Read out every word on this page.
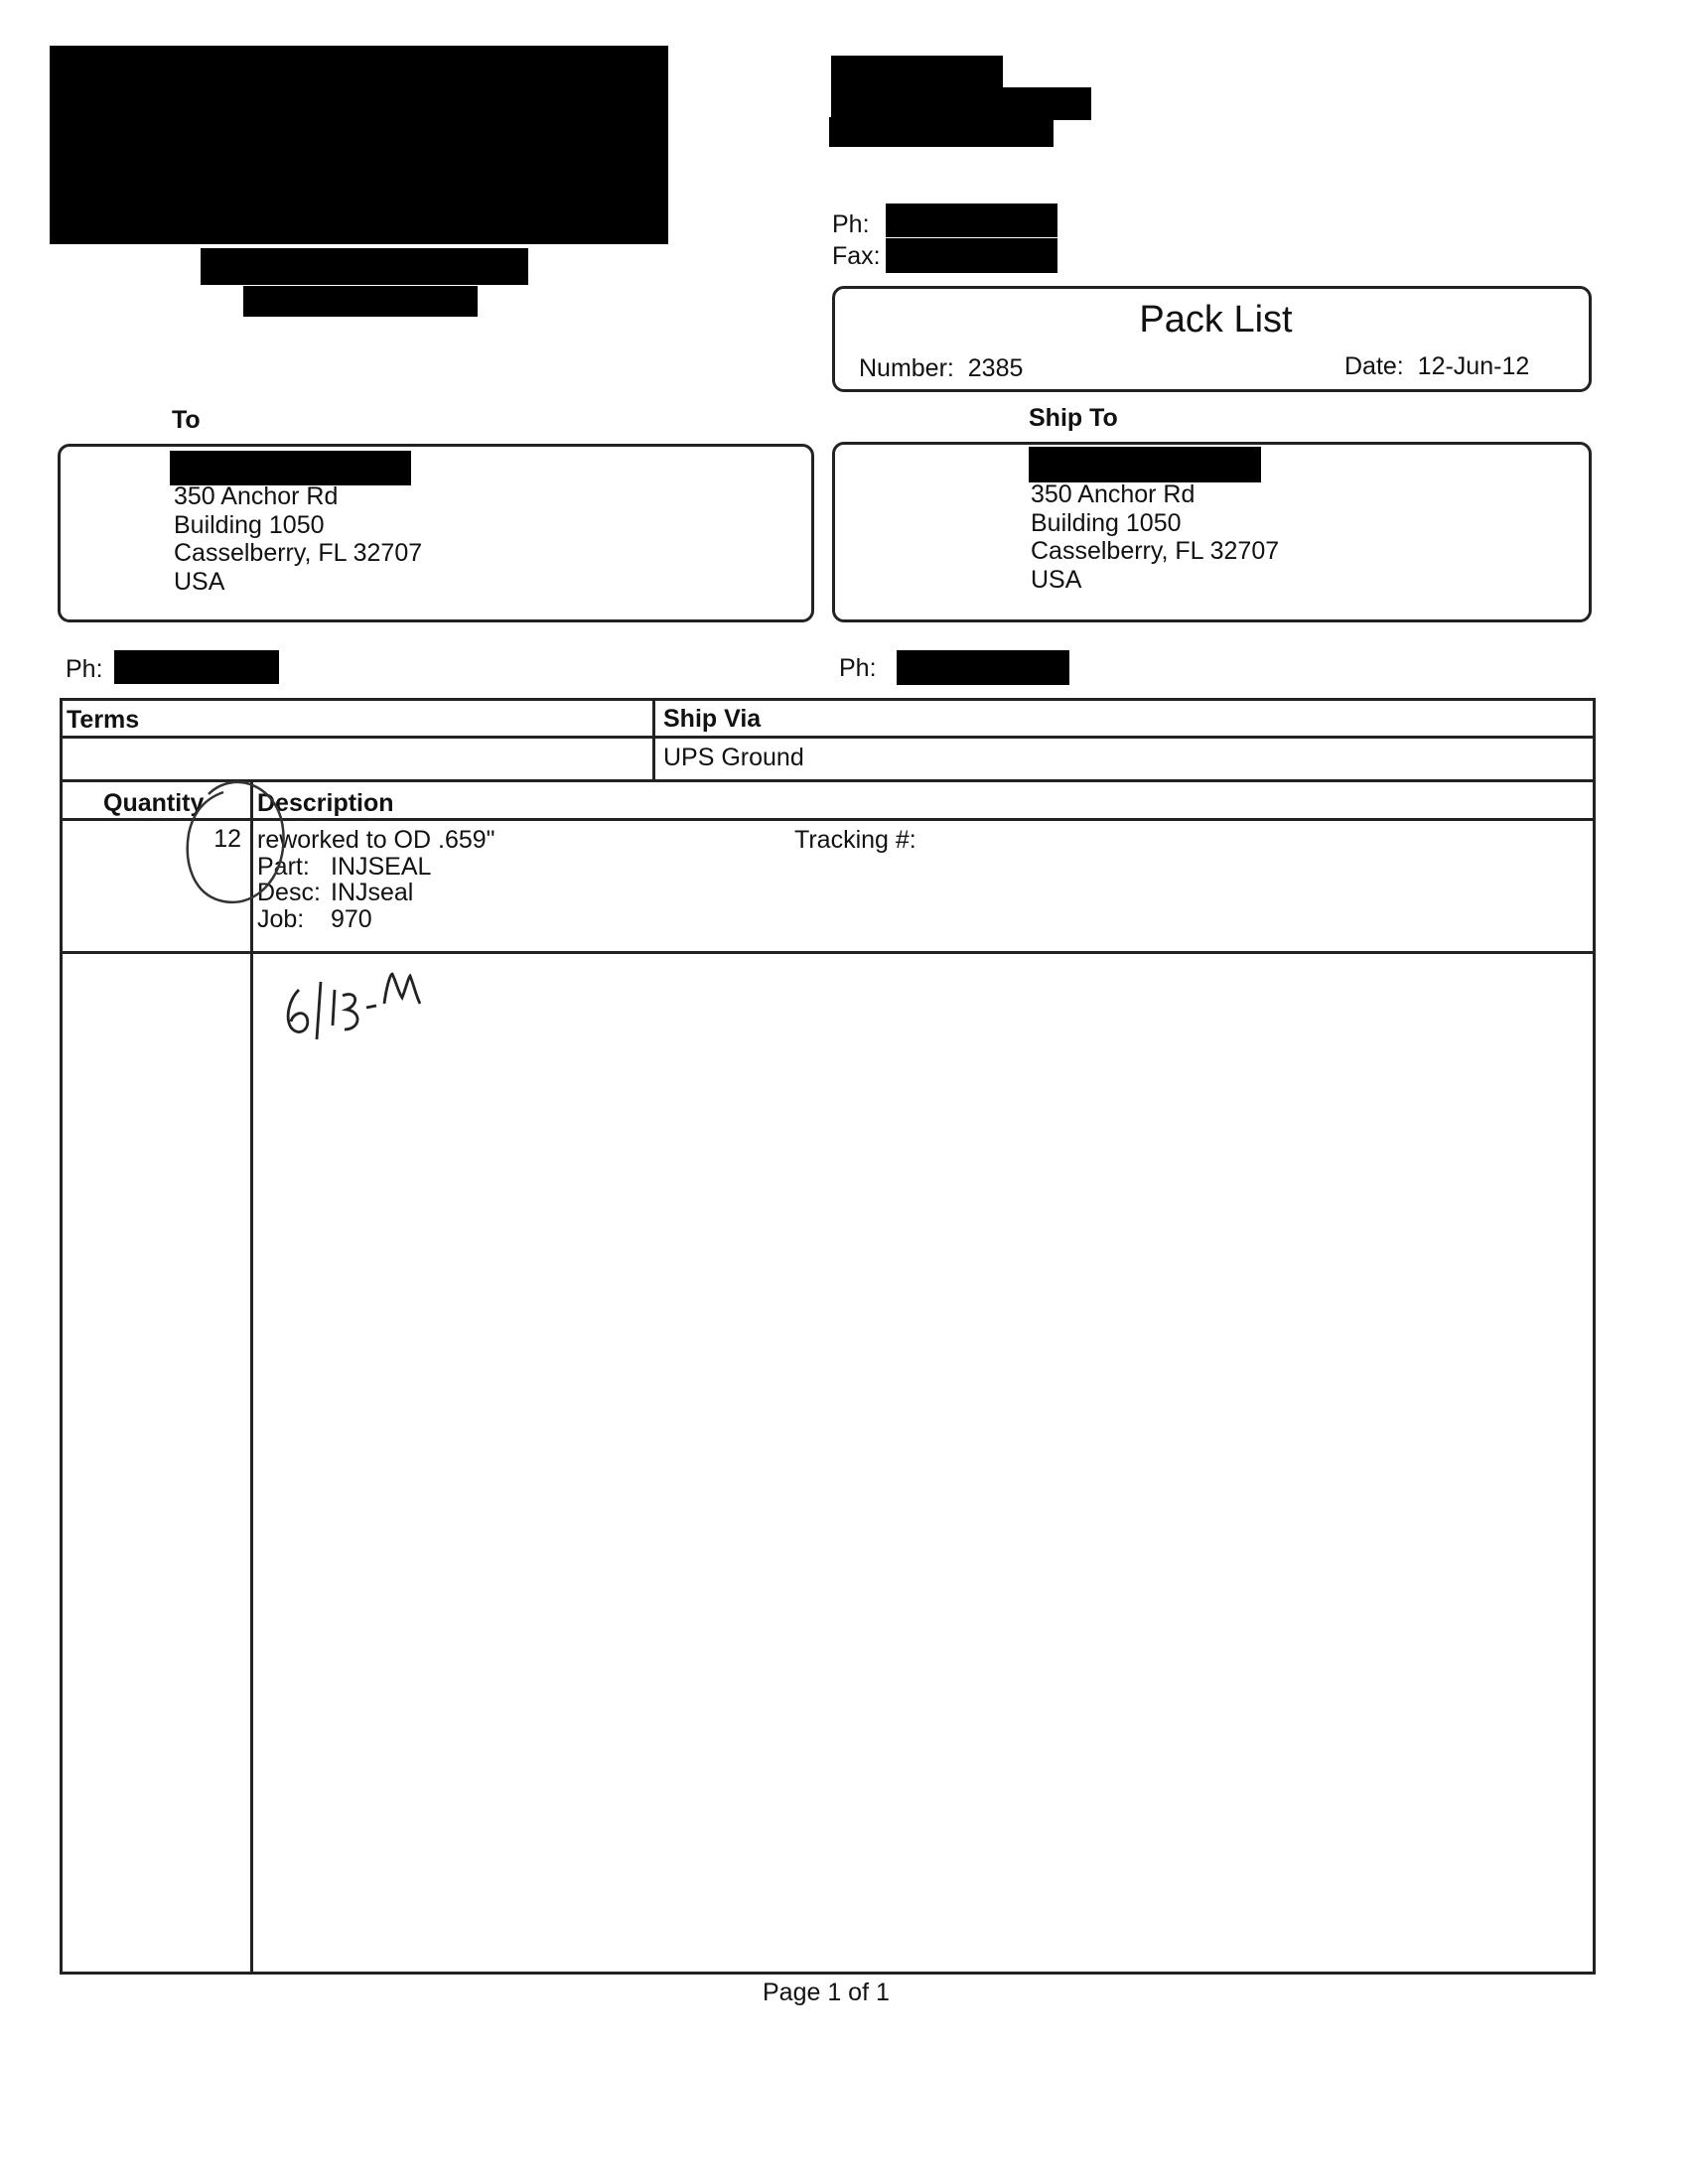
Ph:
Fax:
Pack List
Number: 2385	Date: 12-Jun-12
To
350 Anchor Rd
Building 1050
Casselberry, FL 32707
USA
Ph:
Ship To
350 Anchor Rd
Building 1050
Casselberry, FL 32707
USA
Ph:
Terms	Ship Via
UPS Ground
Quantity Description
12 reworked to OD .659"
Part: INJSEAL
Desc: INJseal
Job: 970
Tracking #:
Page 1 of 1
